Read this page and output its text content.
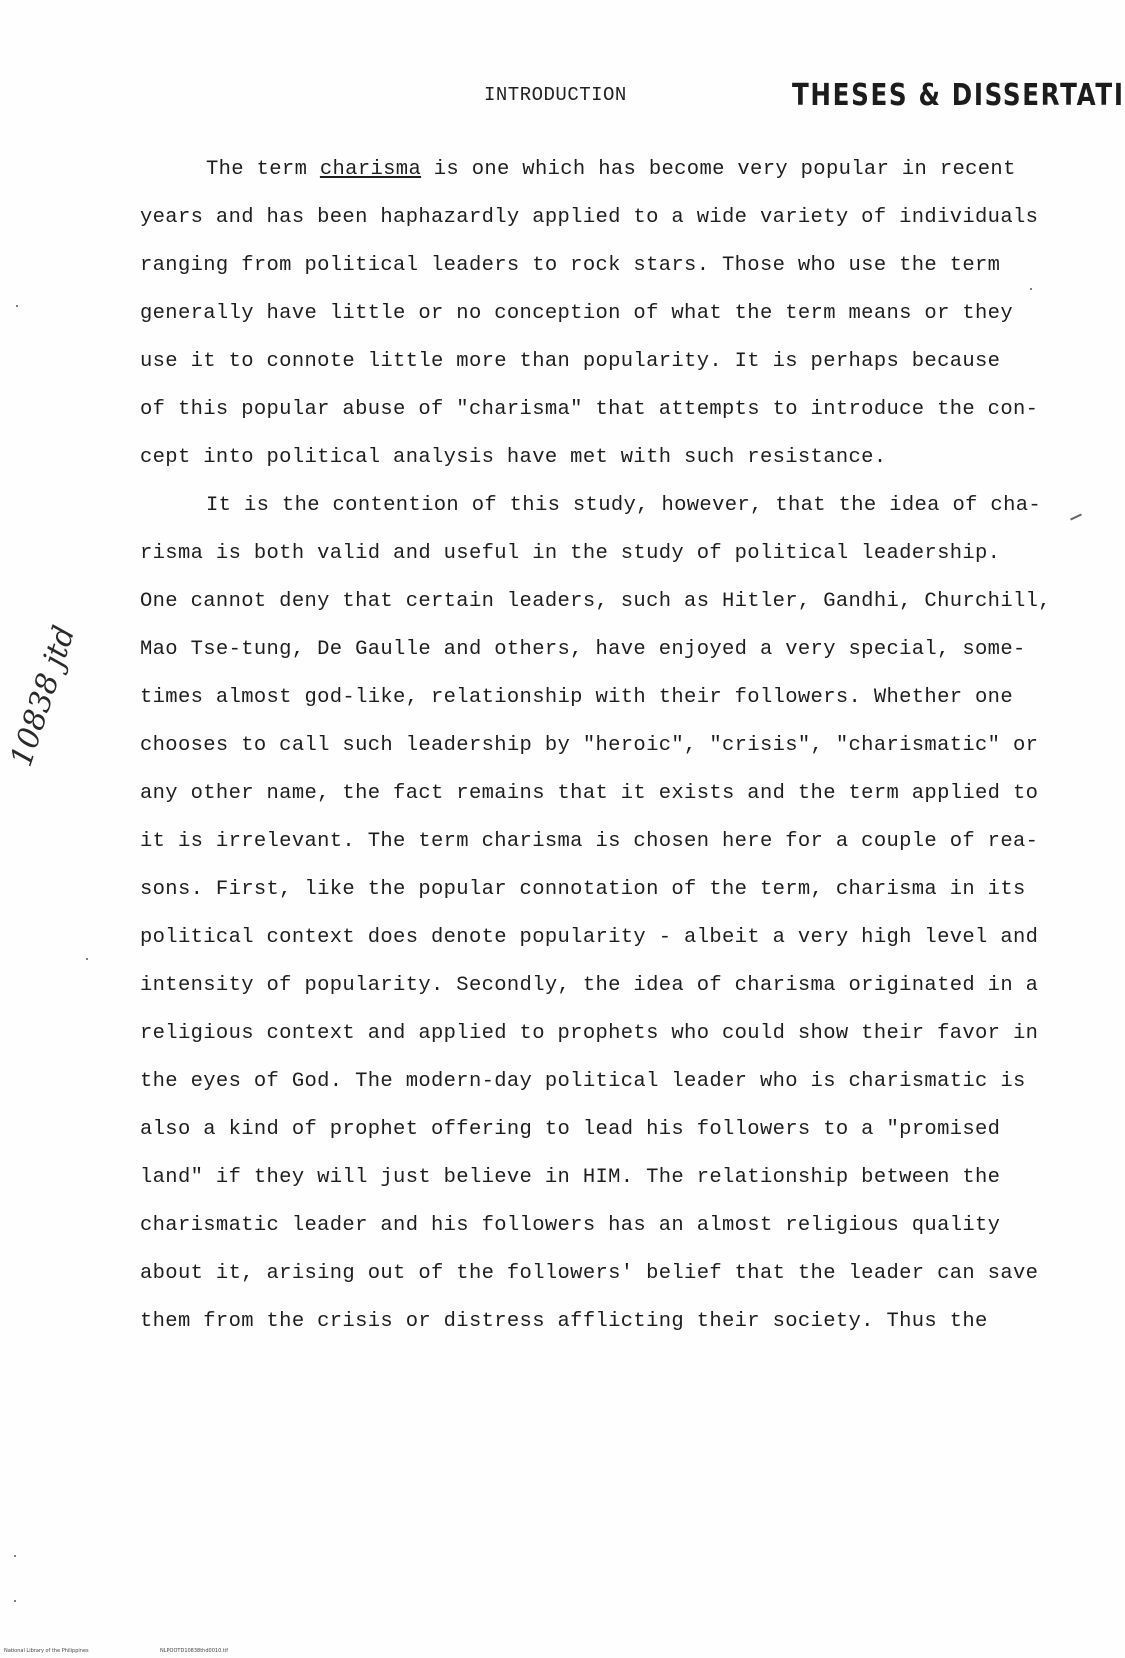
INTRODUCTION	THESES & DISSERTATI
10838 jtd
The term charisma is one which has become very popular in recent
years and has been haphazardly applied to a wide variety of individuals
ranging from political leaders to rock stars. Those who use the term
generally have little or no conception of what the term means or they
use it to connote little more than popularity. It is perhaps because
of this popular abuse of "charisma" that attempts to introduce the con-
cept into political analysis have met with such resistance.
It is the contention of this study, however, that the idea of cha-
risma is both valid and useful in the study of political leadership.
One cannot deny that certain leaders, such as Hitler, Gandhi, Churchill,
Mao Tse-tung, De Gaulle and others, have enjoyed a very special, some-
times almost god-like, relationship with their followers. Whether one
chooses to call such leadership by "heroic", "crisis", "charismatic" or
any other name, the fact remains that it exists and the term applied to
it is irrelevant. The term charisma is chosen here for a couple of rea-
sons. First, like the popular connotation of the term, charisma in its
political context does denote popularity - albeit a very high level and
intensity of popularity. Secondly, the idea of charisma originated in a
religious context and applied to prophets who could show their favor in
the eyes of God. The modern-day political leader who is charismatic is
also a kind of prophet offering to lead his followers to a "promised
land" if they will just believe in HIM. The relationship between the
charismatic leader and his followers has an almost religious quality
about it, arising out of the followers' belief that the leader can save
them from the crisis or distress afflicting their society. Thus the
National Library of the Philippines	NLPOOTD10838thd0010.tif
